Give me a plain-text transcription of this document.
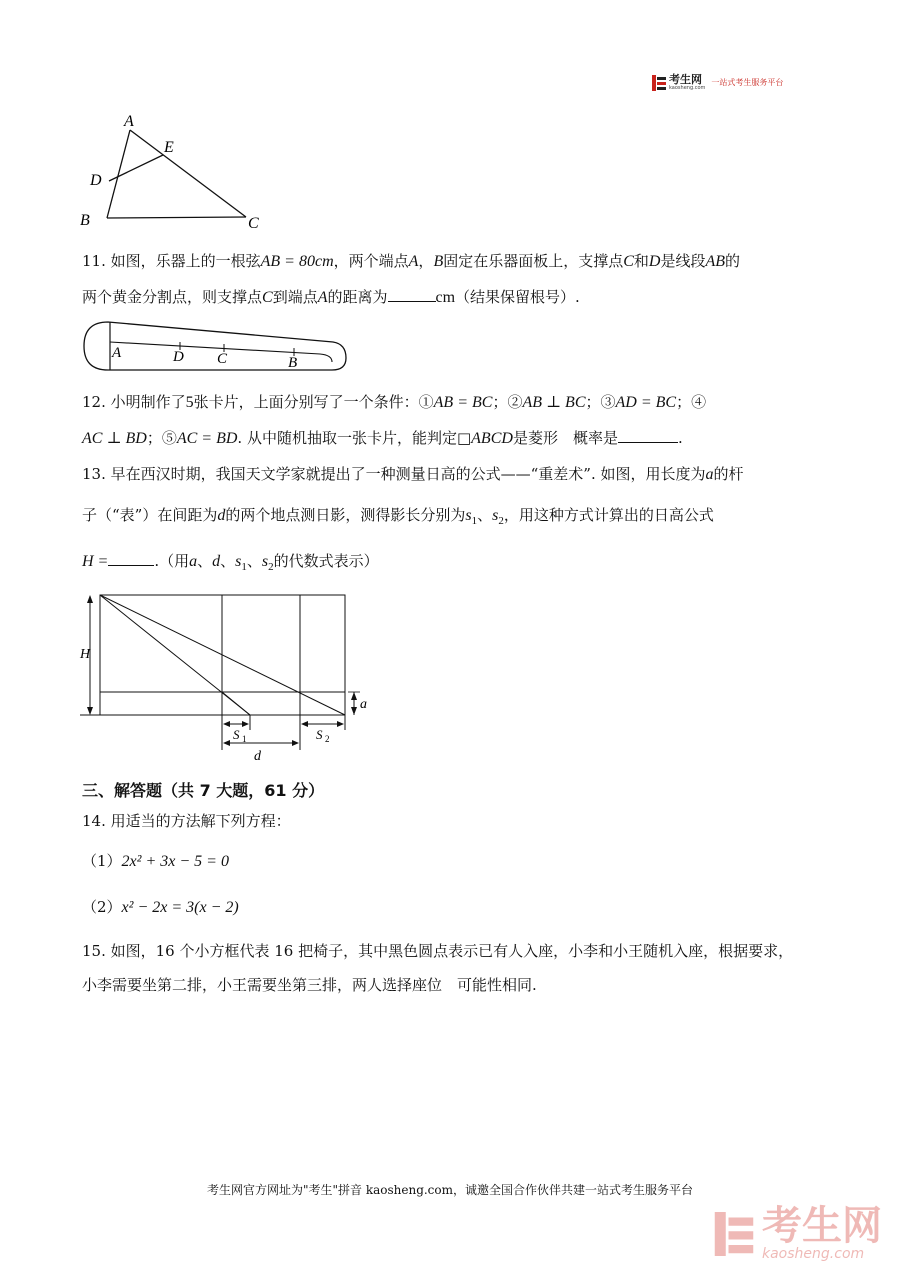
考生网
kaosheng.com
一站式考生服务平台
A
E
D
B	C
11. 如图，乐器上的一根弦AB = 80cm，两个端点A，B固定在乐器面板上，支撑点C和D是线段AB的
两个黄金分割点，则支撑点C到端点A的距离为	cm（结果保留根号）.
A	D C	B
12. 小明制作了5张卡片，上面分别写了一个条件：①AB = BC；②AB ⊥ BC；③AD = BC；④
AC ⊥ BD；⑤AC = BD. 从中随机抽取一张卡片，能判定□ABCD是菱形　概率是	.
13. 早在西汉时期，我国天文学家就提出了一种测量日高的公式——“重差术”. 如图，用长度为a的杆
子（“表”）在间距为d的两个地点测日影，测得影长分别为$s_1$、$s_2$，用这种方式计算出的日高公式
H =	.（用a、d、$s_1$、$s_2$的代数式表示）
H
a
S 1	S 2
d
三、解答题（共 7 大题，61 分）
14. 用适当的方法解下列方程：
（1）2x² + 3x − 5 = 0
（2）x² − 2x = 3(x − 2)
15. 如图，16 个小方框代表 16 把椅子，其中黑色圆点表示已有人入座，小李和小王随机入座，根据要求，
小李需要坐第二排，小王需要坐第三排，两人选择座位　可能性相同.
考生网官方网址为"考生"拼音 kaosheng.com，诚邀全国合作伙伴共建一站式考生服务平台
考生网
kaosheng.com
